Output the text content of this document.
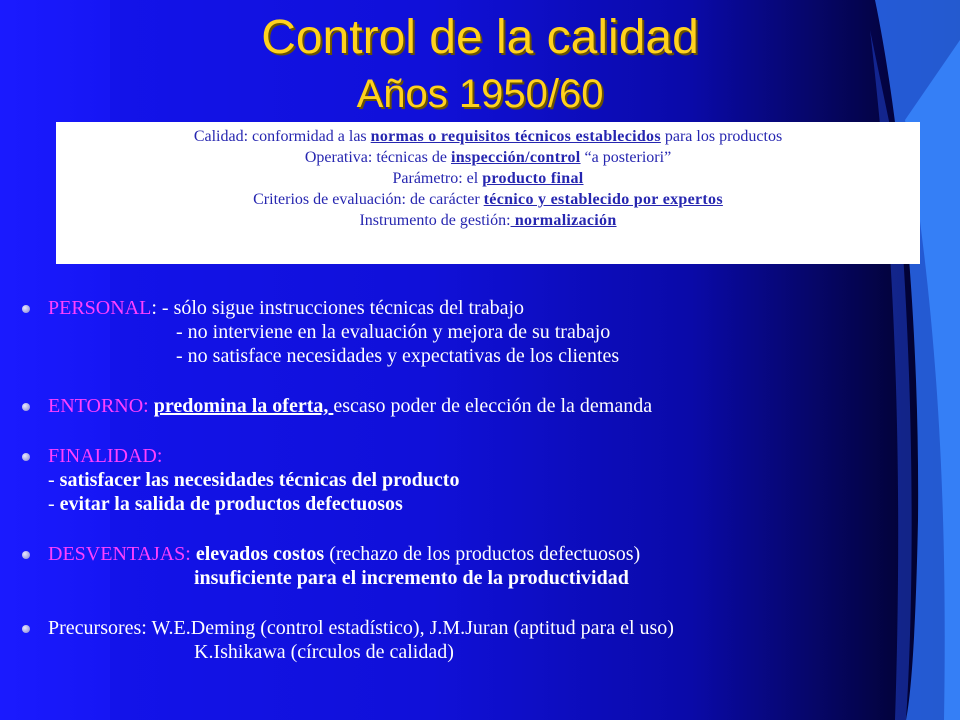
Control de la calidad
Años 1950/60
Calidad: conformidad a las normas o requisitos técnicos establecidos para los productos
Operativa: técnicas de inspección/control “a posteriori”
Parámetro: el producto final
Criterios de evaluación: de carácter técnico y establecido por expertos
Instrumento de gestión: normalización
PERSONAL: - sólo sigue instrucciones técnicas del trabajo
- no interviene en la evaluación y mejora de su trabajo
- no satisface necesidades y expectativas de los clientes
ENTORNO: predomina la oferta, escaso poder de elección de la demanda
FINALIDAD:
- satisfacer las necesidades técnicas del producto
- evitar la salida de productos defectuosos
DESVENTAJAS: elevados costos (rechazo de los productos defectuosos)
insuficiente para el incremento de la productividad
Precursores: W.E.Deming (control estadístico), J.M.Juran (aptitud para el uso)
K.Ishikawa (círculos de calidad)
